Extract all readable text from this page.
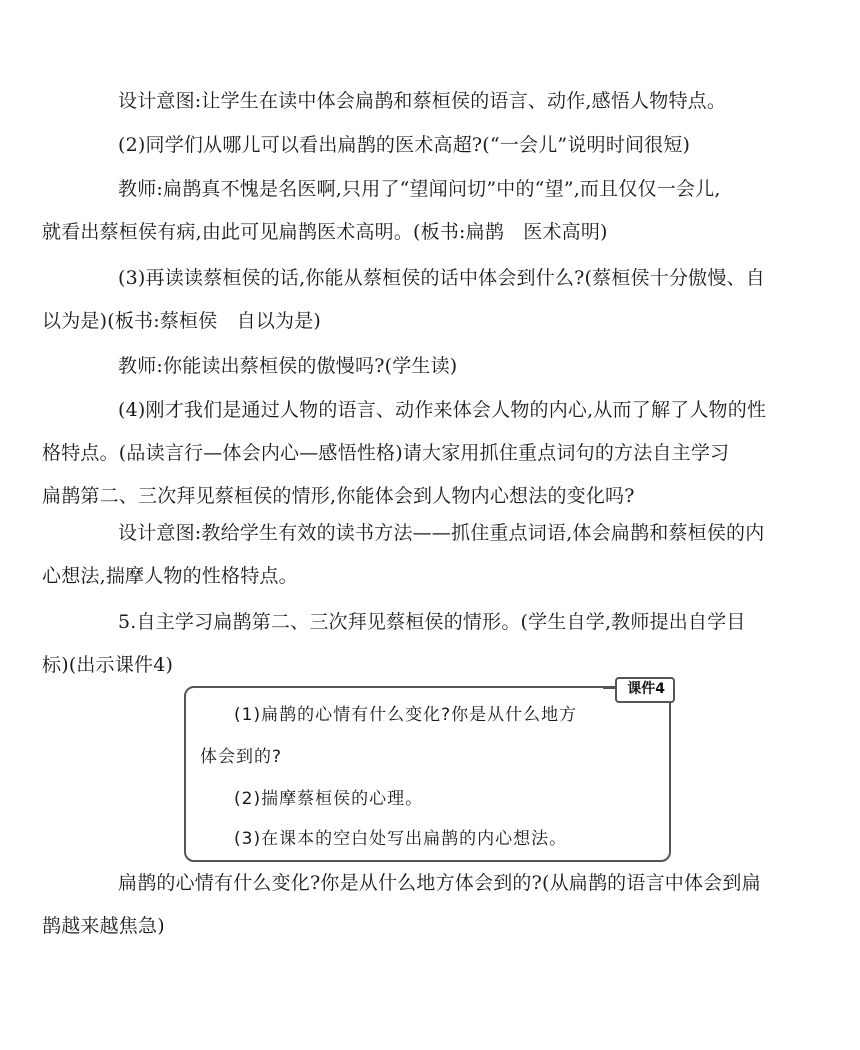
设计意图:让学生在读中体会扁鹊和蔡桓侯的语言、动作,感悟人物特点。
(2)同学们从哪儿可以看出扁鹊的医术高超?(“一会儿”说明时间很短)
教师:扁鹊真不愧是名医啊,只用了“望闻问切”中的“望”,而且仅仅一会儿,
就看出蔡桓侯有病,由此可见扁鹊医术高明。(板书:扁鹊　医术高明)
(3)再读读蔡桓侯的话,你能从蔡桓侯的话中体会到什么?(蔡桓侯十分傲慢、自
以为是)(板书:蔡桓侯　自以为是)
教师:你能读出蔡桓侯的傲慢吗?(学生读)
(4)刚才我们是通过人物的语言、动作来体会人物的内心,从而了解了人物的性
格特点。(品读言行—体会内心—感悟性格)请大家用抓住重点词句的方法自主学习
扁鹊第二、三次拜见蔡桓侯的情形,你能体会到人物内心想法的变化吗?
设计意图:教给学生有效的读书方法——抓住重点词语,体会扁鹊和蔡桓侯的内
心想法,揣摩人物的性格特点。
5.自主学习扁鹊第二、三次拜见蔡桓侯的情形。(学生自学,教师提出自学目
标)(出示课件4)
课件4
(1)扁鹊的心情有什么变化?你是从什么地方
体会到的?
(2)揣摩蔡桓侯的心理。
(3)在课本的空白处写出扁鹊的内心想法。
扁鹊的心情有什么变化?你是从什么地方体会到的?(从扁鹊的语言中体会到扁
鹊越来越焦急)
